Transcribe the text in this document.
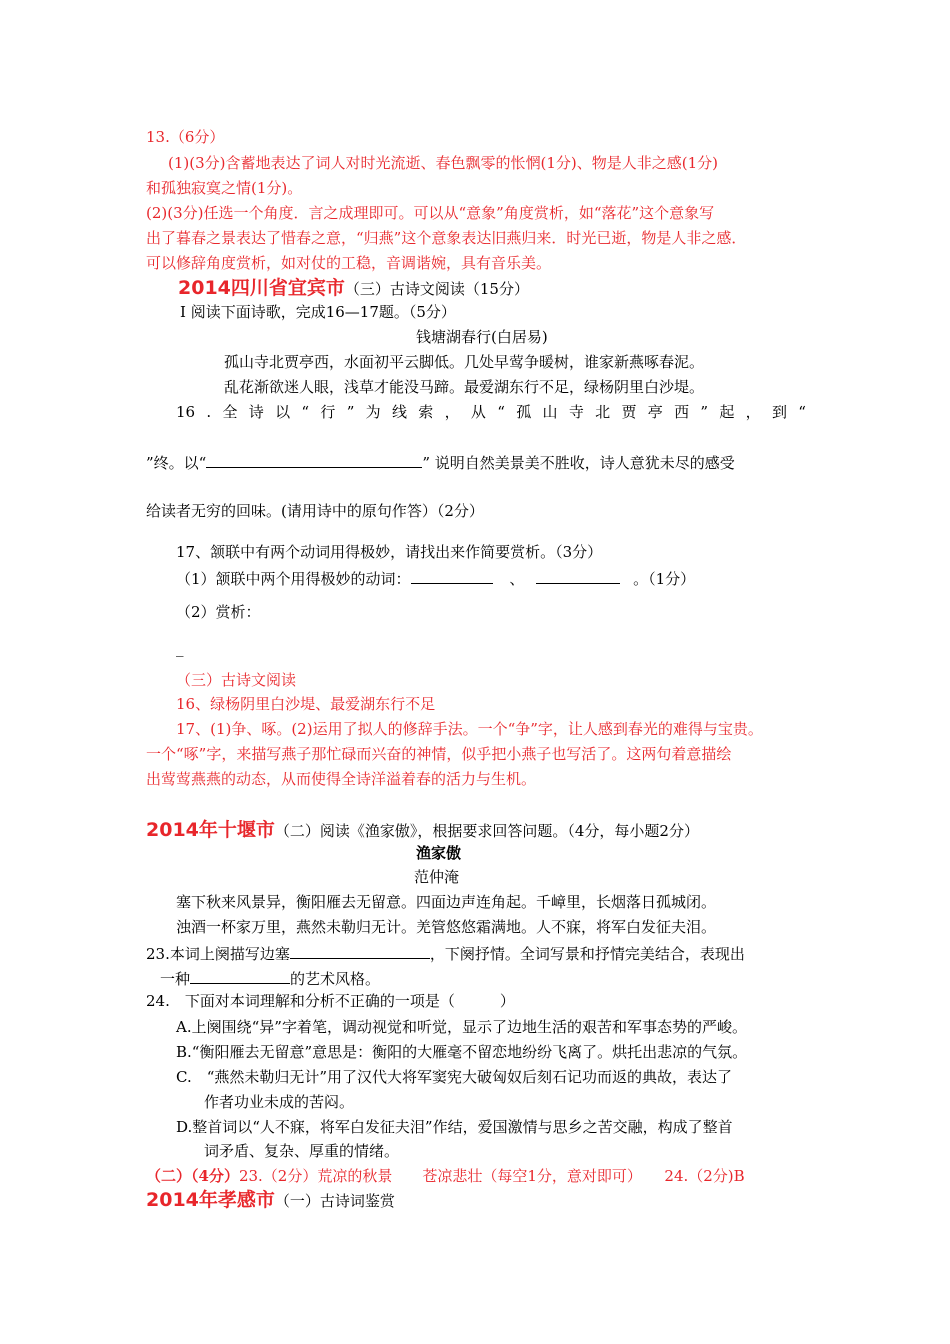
13.（6分）
(1)(3分)含蓄地表达了词人对时光流逝、春色飘零的怅惘(1分)、物是人非之感(1分)
和孤独寂寞之情(1分)。
(2)(3分)任选一个角度．言之成理即可。可以从“意象”角度赏析，如“落花”这个意象写
出了暮春之景表达了惜春之意，“归燕”这个意象表达旧燕归来．时光已逝，物是人非之感．
可以修辞角度赏析，如对仗的工稳，音调谐婉，具有音乐美。
2014四川省宜宾市（三）古诗文阅读（15分）
Ⅰ 阅读下面诗歌，完成16—17题。（5分）
钱塘湖春行(白居易)
孤山寺北贾亭西，水面初平云脚低。几处早莺争暖树，谁家新燕啄春泥。
乱花渐欲迷人眼，浅草才能没马蹄。最爱湖东行不足，绿杨阴里白沙堤。
16 . 全 诗 以 “ 行 ” 为 线 索 ， 从 “ 孤 山 寺 北 贾 亭 西 ” 起 ， 到 “
”终。以“	” 说明自然美景美不胜收，诗人意犹未尽的感受
给读者无穷的回味。(请用诗中的原句作答）（2分）
17、颔联中有两个动词用得极妙，请找出来作简要赏析。（3分）
（1）颔联中两个用得极妙的动词：	、	。（1分）
（2）赏析：
_
（三）古诗文阅读
16、绿杨阴里白沙堤、最爱湖东行不足
17、(1)争、啄。(2)运用了拟人的修辞手法。一个“争”字，让人感到春光的难得与宝贵。
一个“啄”字，来描写燕子那忙碌而兴奋的神情，似乎把小燕子也写活了。这两句着意描绘
出莺莺燕燕的动态，从而使得全诗洋溢着春的活力与生机。
2014年十堰市（二）阅读《渔家傲》，根据要求回答问题。（4分，每小题2分）
渔家傲
范仲淹
塞下秋来风景异，衡阳雁去无留意。四面边声连角起。千嶂里，长烟落日孤城闭。
浊酒一杯家万里，燕然未勒归无计。羌管悠悠霜满地。人不寐，将军白发征夫泪。
23.本词上阕描写边塞	，下阕抒情。全词写景和抒情完美结合，表现出
一种	的艺术风格。
24.　下面对本词理解和分析不正确的一项是（　　　）
A.上阕围绕“异”字着笔，调动视觉和听觉，显示了边地生活的艰苦和军事态势的严峻。
B.“衡阳雁去无留意”意思是：衡阳的大雁毫不留恋地纷纷飞离了。烘托出悲凉的气氛。
C.　“燕然未勒归无计”用了汉代大将军窦宪大破匈奴后刻石记功而返的典故，表达了
作者功业未成的苦闷。
D.整首词以“人不寐，将军白发征夫泪”作结，爱国激情与思乡之苦交融，构成了整首
词矛盾、复杂、厚重的情绪。
（二）（4分）23.（2分）荒凉的秋景　　苍凉悲壮（每空1分，意对即可）　　24.（2分)B
2014年孝感市（一）古诗词鉴赏
